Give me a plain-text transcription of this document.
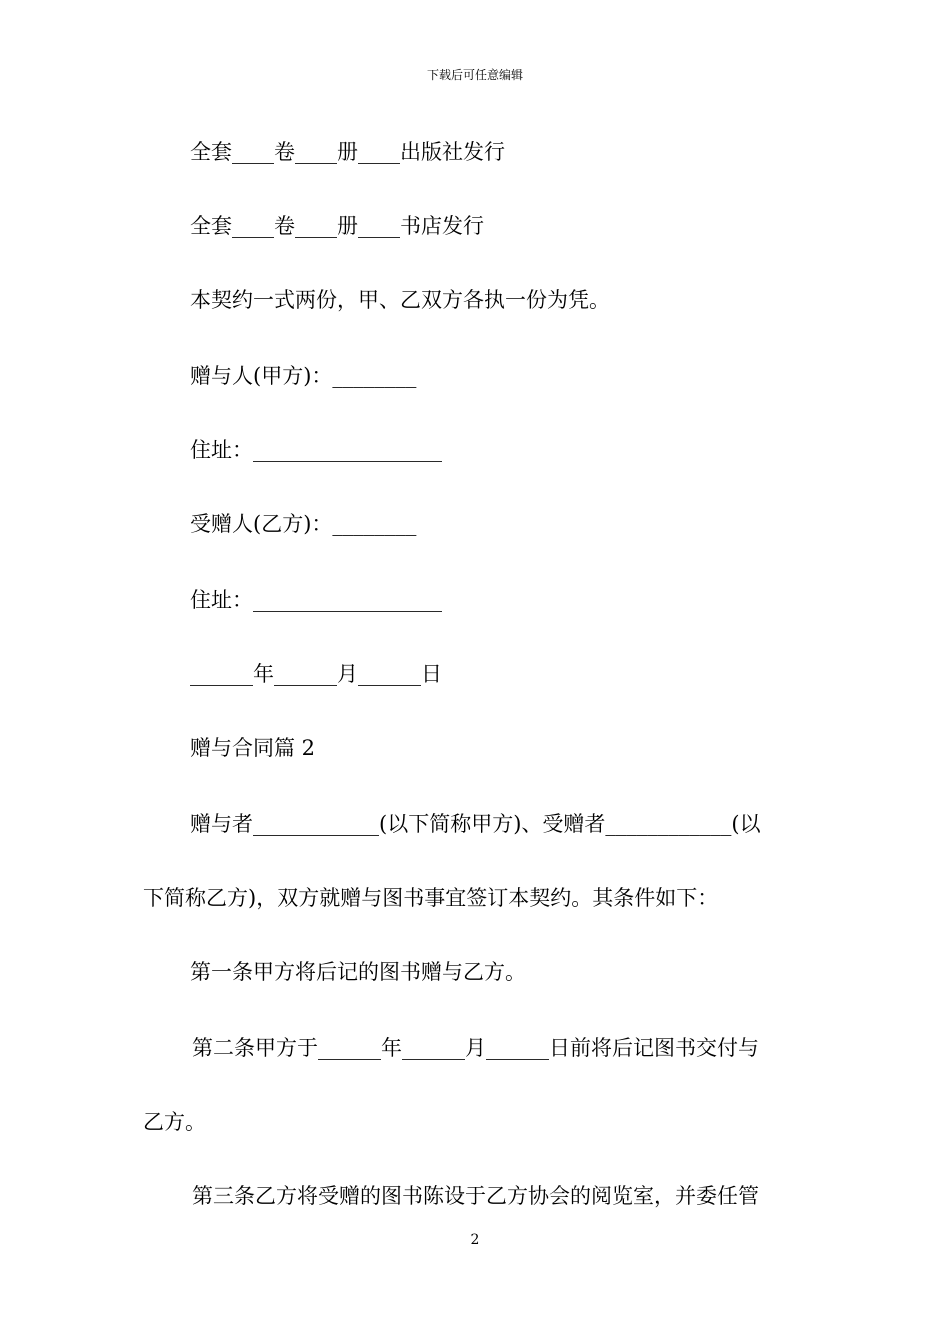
下载后可任意编辑
全套____卷____册____出版社发行
全套____卷____册____书店发行
本契约一式两份，甲、乙双方各执一份为凭。
赠与人(甲方)：________
住址：__________________
受赠人(乙方)：________
住址：__________________
______年______月______日
赠与合同篇 2
赠与者____________(以下简称甲方)、受赠者____________(以
下简称乙方)，双方就赠与图书事宜签订本契约。其条件如下：
第一条甲方将后记的图书赠与乙方。
第二条甲方于______年______月______日前将后记图书交付与
乙方。
第三条乙方将受赠的图书陈设于乙方协会的阅览室，并委任管
2
